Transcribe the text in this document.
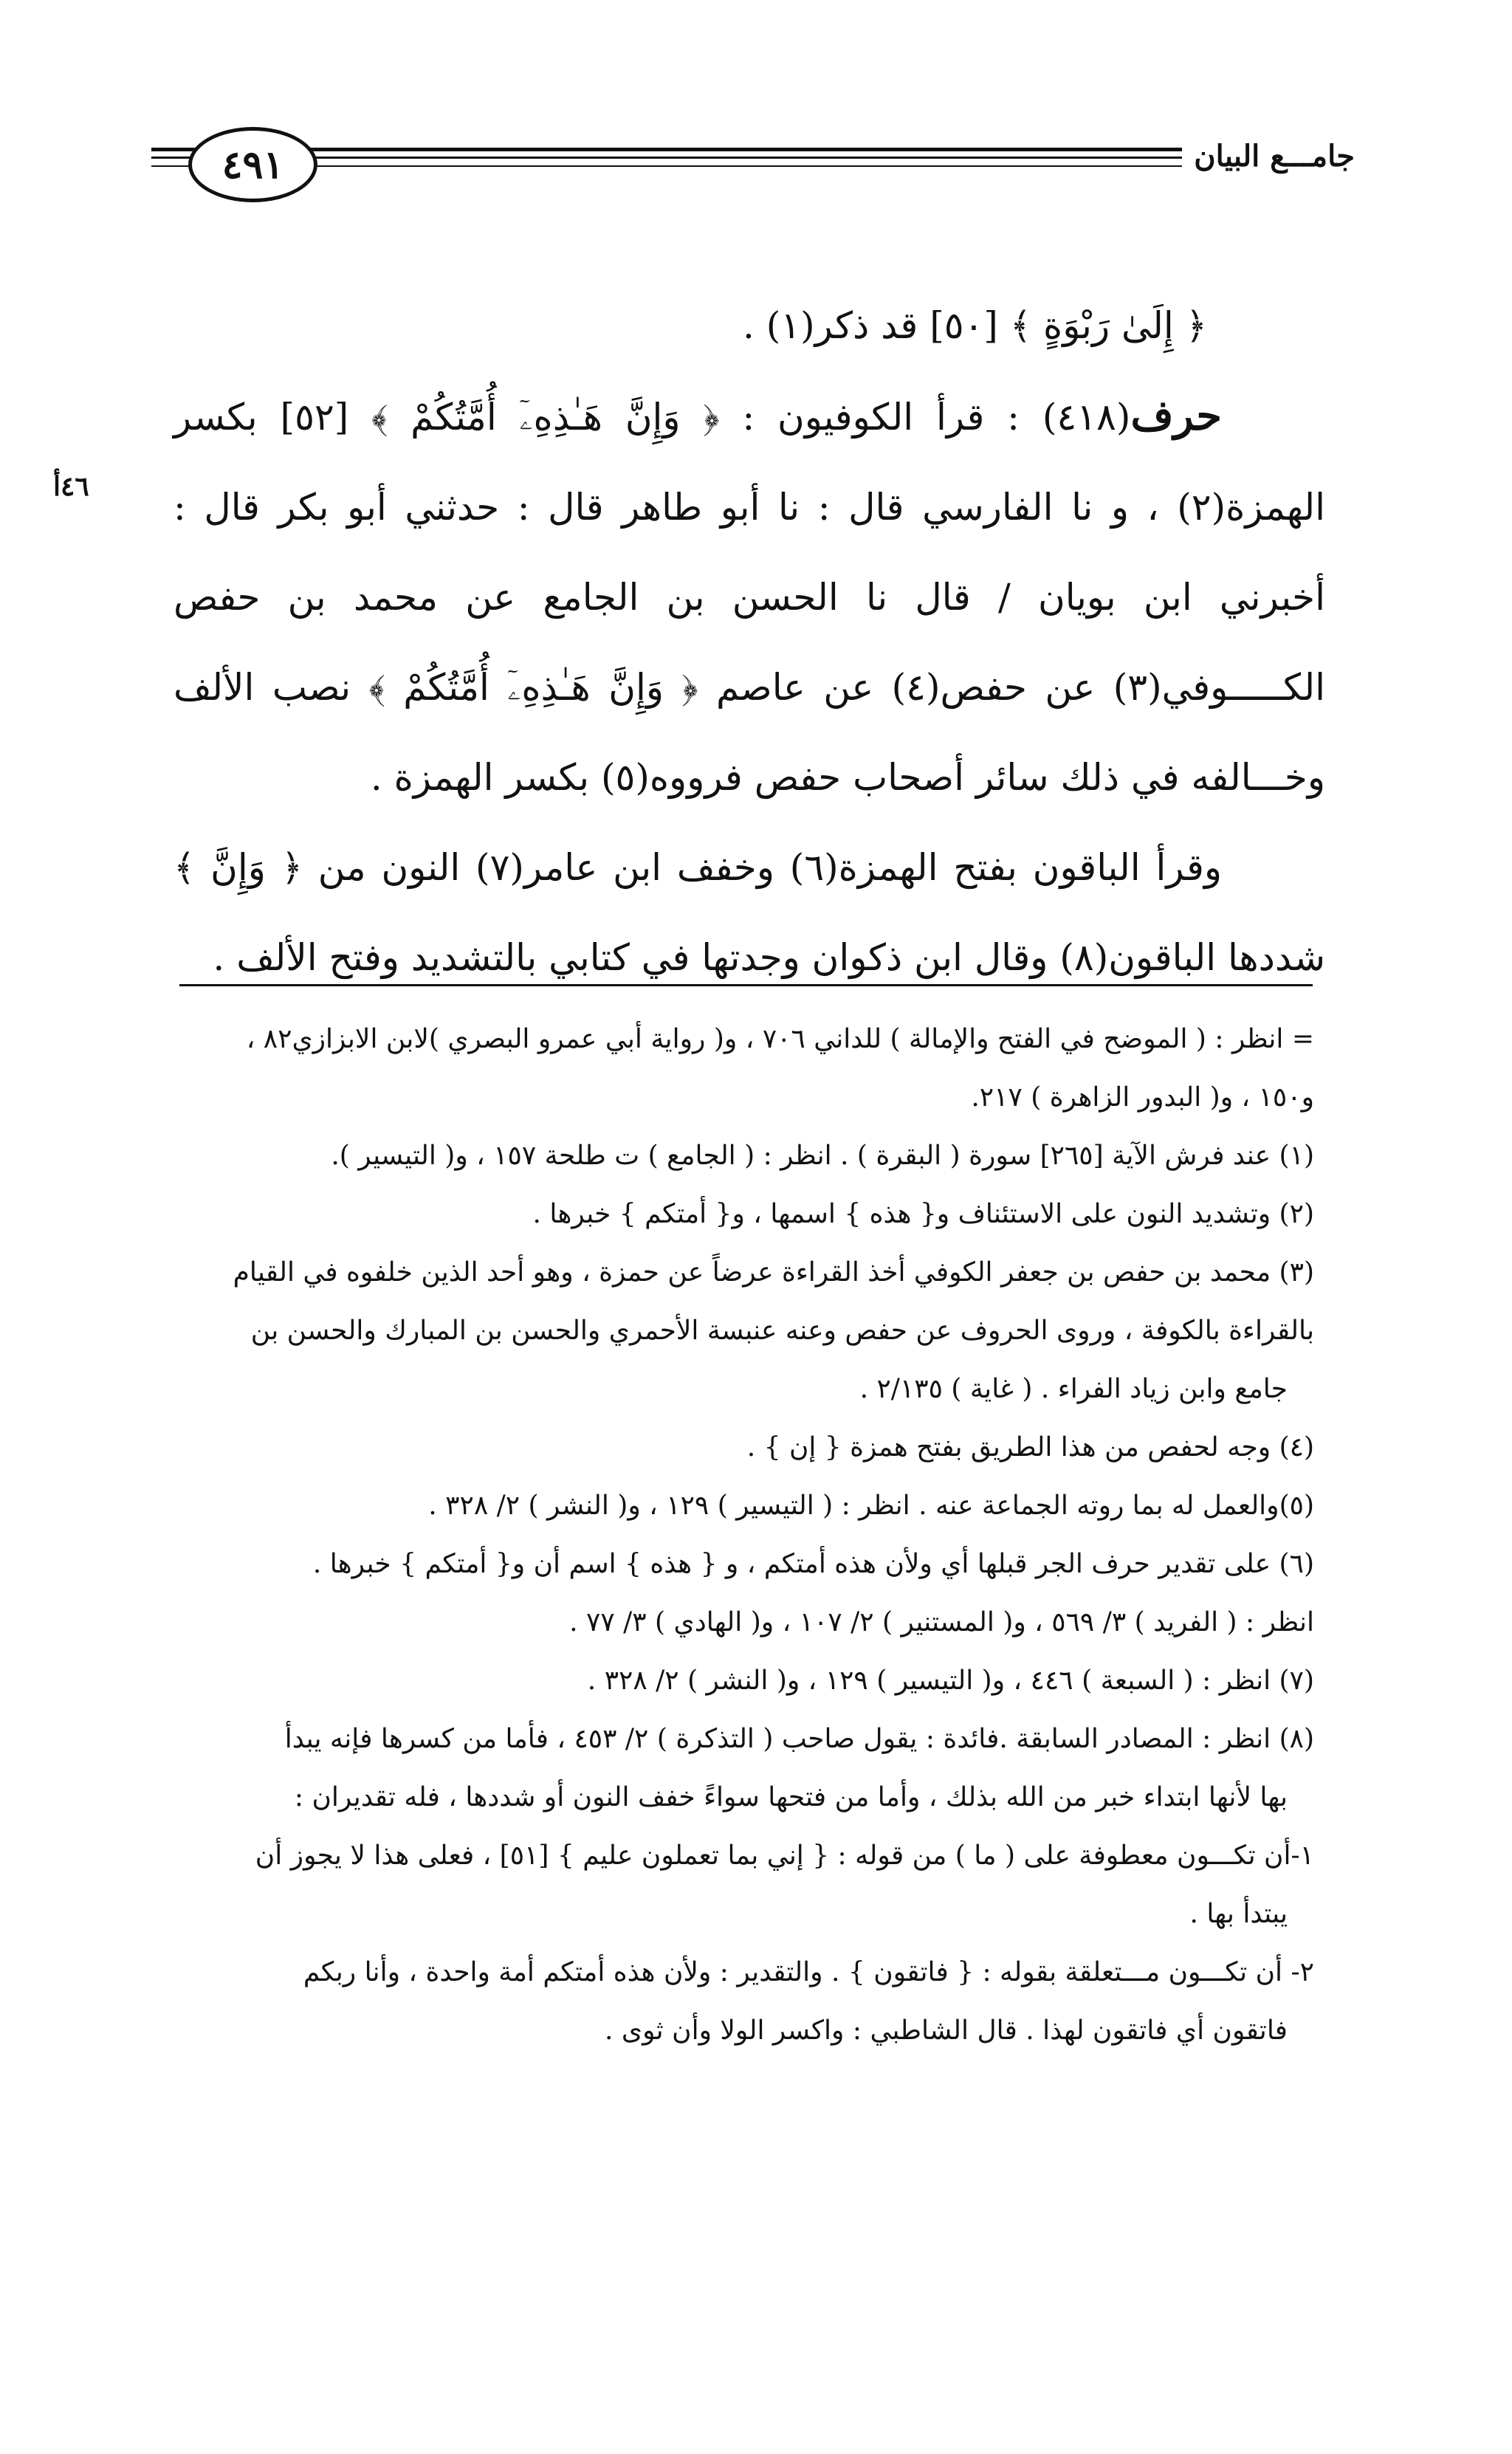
٤٩١	جامـــع البيان
٤٦أ

﴿ إِلَىٰ رَبْوَةٍ ﴾ [٥٠] قد ذكر(١) .

حرف(٤١٨) : قرأ الكوفيون : ﴿ وَإِنَّ هَـٰذِهِۦٓ أُمَّتُكُمْ ﴾ [٥٢] بكسر الهمزة(٢) ، و نا الفارسي قال : نا أبو طاهر قال : حدثني أبو بكر قال : أخبرني ابن بويان / قال نا الحسن بن الجامع عن محمد بن حفص الكـــــوفي(٣) عن حفص(٤) عن عاصم ﴿ وَإِنَّ هَـٰذِهِۦٓ أُمَّتُكُمْ ﴾ نصب الألف وخـــالفه في ذلك سائر أصحاب حفص فرووه(٥) بكسر الهمزة .

وقرأ الباقون بفتح الهمزة(٦) وخفف ابن عامر(٧) النون من ﴿ وَإِنَّ ﴾ شددها الباقون(٨) وقال ابن ذكوان وجدتها في كتابي بالتشديد وفتح الألف .

= انظر : ( الموضح في الفتح والإمالة ) للداني ٧٠٦ ، و( رواية أبي عمرو البصري )لابن الابزازي٨٢ ،

و١٥٠ ، و( البدور الزاهرة ) ٢١٧.

(١) عند فرش الآية [٢٦٥] سورة ( البقرة ) . انظر : ( الجامع ) ت طلحة ١٥٧ ، و( التيسير ).

(٢) وتشديد النون على الاستئناف و{ هذه } اسمها ، و{ أمتكم } خبرها .

(٣) محمد بن حفص بن جعفر الكوفي أخذ القراءة عرضاً عن حمزة ، وهو أحد الذين خلفوه في القيام

بالقراءة بالكوفة ، وروى الحروف عن حفص وعنه عنبسة الأحمري والحسن بن المبارك والحسن بن

جامع وابن زياد الفراء . ( غاية ) ٢/١٣٥ .

(٤) وجه لحفص من هذا الطريق بفتح همزة { إن } .

(٥)والعمل له بما روته الجماعة عنه . انظر : ( التيسير ) ١٢٩ ، و( النشر ) ٢/ ٣٢٨ .

(٦) على تقدير حرف الجر قبلها أي ولأن هذه أمتكم ، و { هذه } اسم أن و{ أمتكم } خبرها .

انظر : ( الفريد ) ٣/ ٥٦٩ ، و( المستنير ) ٢/ ١٠٧ ، و( الهادي ) ٣/ ٧٧ .

(٧) انظر : ( السبعة ) ٤٤٦ ، و( التيسير ) ١٢٩ ، و( النشر ) ٢/ ٣٢٨ .

(٨) انظر : المصادر السابقة .فائدة : يقول صاحب ( التذكرة ) ٢/ ٤٥٣ ، فأما من كسرها فإنه يبدأ

بها لأنها ابتداء خبر من الله بذلك ، وأما من فتحها سواءً خفف النون أو شددها ، فله تقديران :

١-أن تكـــون معطوفة على ( ما ) من قوله : { إني بما تعملون عليم } [٥١] ، فعلى هذا لا يجوز أن

يبتدأ بها .

٢- أن تكـــون مـــتعلقة بقوله : { فاتقون } . والتقدير : ولأن هذه أمتكم أمة واحدة ، وأنا ربكم

فاتقون أي فاتقون لهذا . قال الشاطبي : واكسر الولا وأن ثوى .
